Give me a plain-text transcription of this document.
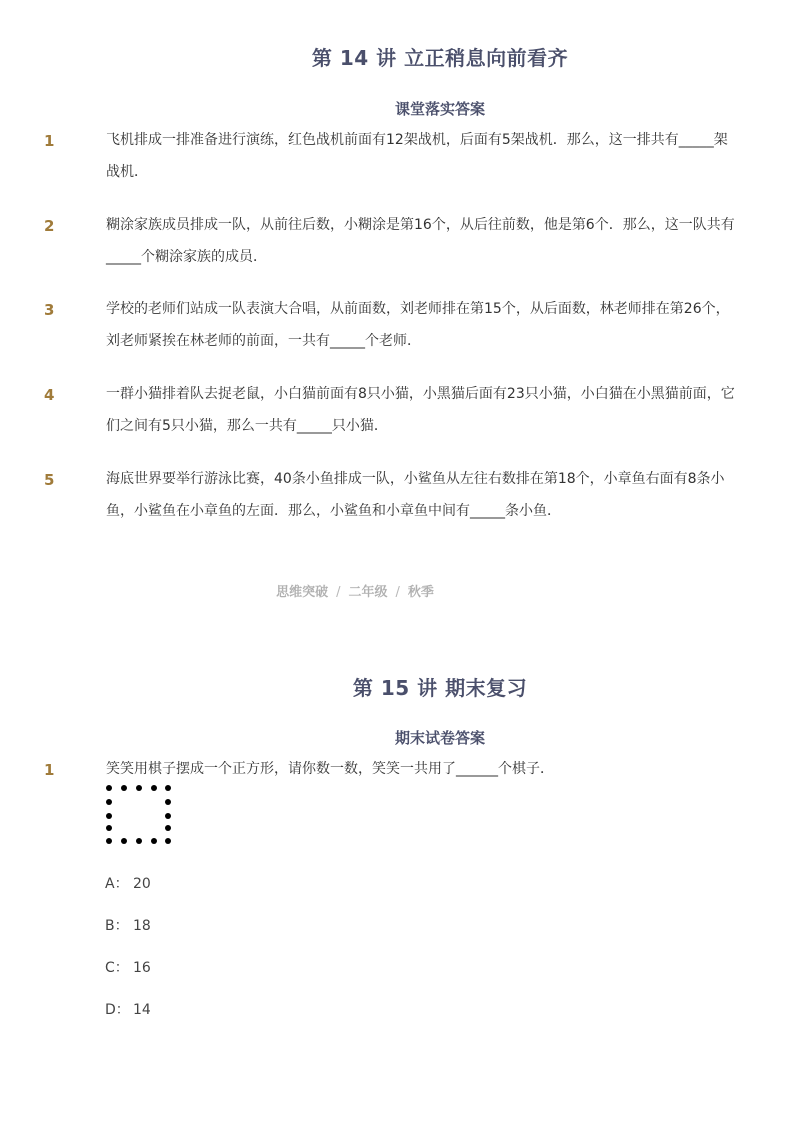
第 14 讲 立正稍息向前看齐
课堂落实答案
1	飞机排成一排准备进行演练，红色战机前面有12架战机，后面有5架战机．那么，这一排共有_____架战机．
2	糊涂家族成员排成一队，从前往后数，小糊涂是第16个，从后往前数，他是第6个．那么，这一队共有_____个糊涂家族的成员．
3	学校的老师们站成一队表演大合唱，从前面数，刘老师排在第15个，从后面数，林老师排在第26个，刘老师紧挨在林老师的前面，一共有_____个老师．
4	一群小猫排着队去捉老鼠，小白猫前面有8只小猫，小黑猫后面有23只小猫，小白猫在小黑猫前面，它们之间有5只小猫，那么一共有_____只小猫．
5	海底世界要举行游泳比赛，40条小鱼排成一队，小鲨鱼从左往右数排在第18个，小章鱼右面有8条小鱼，小鲨鱼在小章鱼的左面．那么，小鲨鱼和小章鱼中间有_____条小鱼．
思维突破 / 二年级 / 秋季
第 15 讲 期末复习
期末试卷答案
1	笑笑用棋子摆成一个正方形，请你数一数，笑笑一共用了______个棋子．
A： 20
B： 18
C： 16
D： 14
